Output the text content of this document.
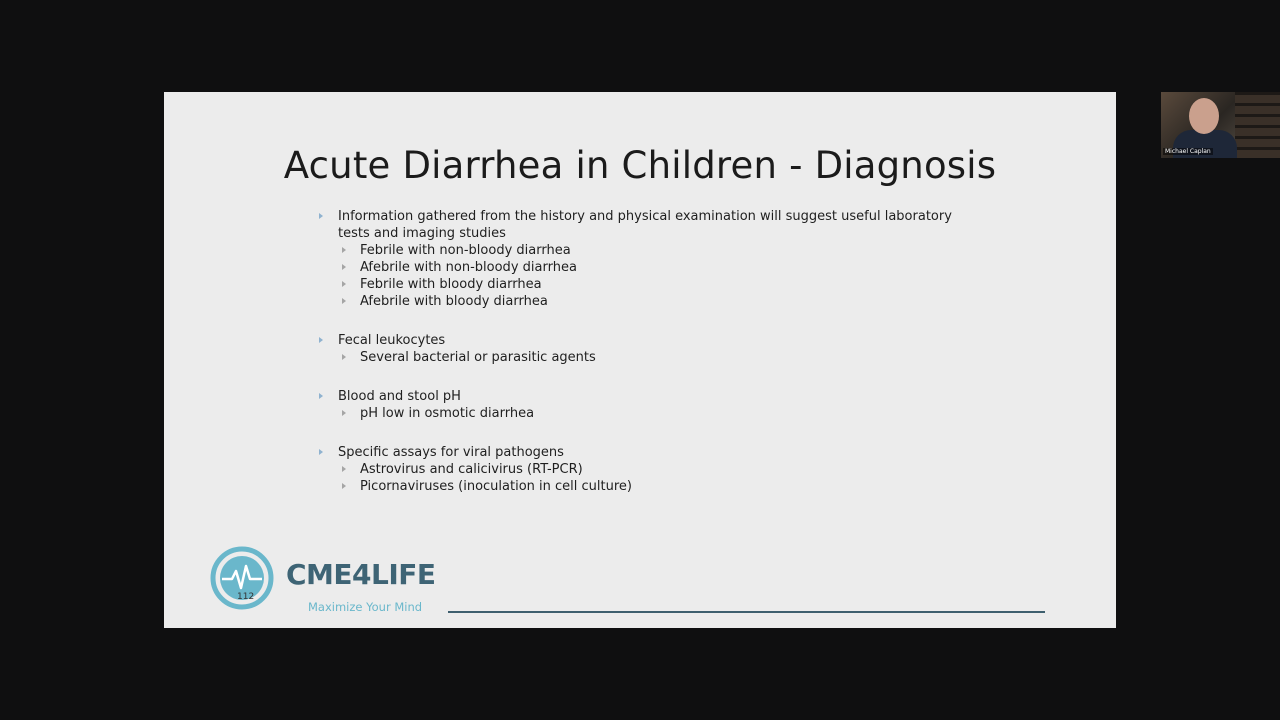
Acute Diarrhea in Children - Diagnosis
Information gathered from the history and physical examination will suggest useful laboratory tests and imaging studies
Febrile with non-bloody diarrhea
Afebrile with non-bloody diarrhea
Febrile with bloody diarrhea
Afebrile with bloody diarrhea
Fecal leukocytes
Several bacterial or parasitic agents
Blood and stool pH
pH low in osmotic diarrhea
Specific assays for viral pathogens
Astrovirus and calicivirus (RT-PCR)
Picornaviruses (inoculation in cell culture)
112
CME4LIFE
Maximize Your Mind
Michael Caplan
